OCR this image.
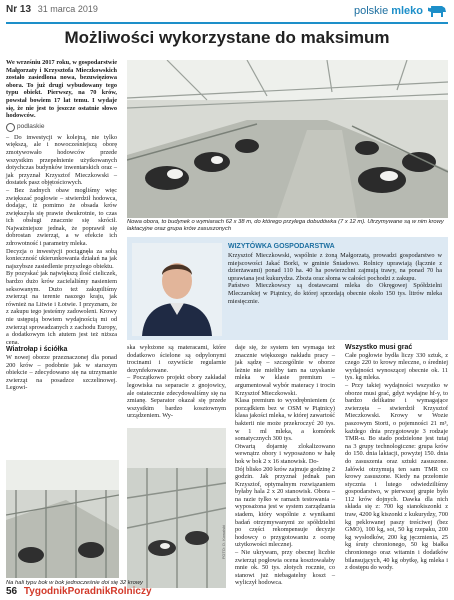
Nr 13 31 marca 2019	polskie mleko
Możliwości wykorzystane do maksimum

We wrześniu 2017 roku, w gospodarstwie Małgorzaty i Krzysztofa Mieczkowskich zostało zasiedlona nowa, bezuwięziowa obora. To już drugi wybudowany tego typu obiekt. Pierwszy, na 70 krów, powstał bowiem 17 lat temu. I wydaje się, że nie jest to jeszcze ostatnie słowo hodowców.

podlaskie

– Do inwestycji w kolejną, nie tylko większą, ale i nowocześniejszą oborę zmotywowało hodowców przede wszystkim przepełnienie użytkowanych dotychczas budynków inwentarskich oraz – jak przyznał Krzysztof Mieczkowski – dostatek pasz objętościowych.

– Bez żadnych obaw mogliśmy więc zwiększać pogłowie – stwierdził hodowca, dodając, iż pomimo że obsada krów zwiększyła się prawie dwukrotnie, to czas ich obsługi znacznie się skrócił. Najważniejsze jednak, że poprawił się dobrostan zwierząt, a w efekcie ich zdrowotność i parametry mleka.

Decyzja o inwestycji pociągnęła za sobą konieczność ukierunkowania działań na jak najszybsze zasiedlenie przyszłego obiektu.

By pozyskać jak największą ilość cieliczek, bardzo dużo krów zacielaliśmy nasieniem seksowanym. Dużo też zakupiliśmy zwierząt na terenie naszego kraju, jak również na Litwie i Łotwie. I przyznam, że z zakupu tego jesteśmy zadowoleni. Krowy nie ustępują bowiem wydajnością mi od zwierząt sprowadzanych z zachodu Europy, a dodatkowym ich atutem jest też niższa cena.

Wiatrołap i ściółka

W nowej oborze przeznaczonej dla ponad 200 krów – podobnie jak w starszym obiekcie – zdecydowano się na utrzymanie zwierząt na posadzce szczelinowej. Legowi-

Nowa obora, to budynek o wymiarach 62 x 38 m, do którego przylega dobudówka (7 x 12 m). Utrzymywane są w nim krowy laktacyjne oraz grupa krów zasuszonych
WIZYTÓWKA GOSPODARSTWA

Krzysztof Mieczkowski, wspólnie z żoną Małgorzatą, prowadzi gospodarstwo w miejscowości Jakać Borki, w gminie Śniadowo. Rolnicy uprawiają (łącznie z dzierżawami) ponad 110 ha. 40 ha powierzchni zajmują trawy, na ponad 70 ha uprawiana jest kukurydza. Zboża oraz słoma w całości pochodzi z zakupu.

Państwo Mieczkowscy są dostawcami mleka do Okręgowej Spółdzielni Mleczarskiej w Piątnicy, do której sprzedają obecnie około 150 tys. litrów mleka miesięcznie.

FOTO: D. Kowalski

ska wyłożone są materacami, które dodatkowo ścielone są odpylonymi trocinami i ozywiście regularnie dezynfekowane.

– Początkowo projekt obory zakładał legowiska na separacie z gnojowicy, ale ostatecznie zdecydowaliśmy się na zmianę. Separator okazał się przede wszystkim bardzo kosztownym urządzeniem. Wy-

daje się, że system ten wymaga też znacznie większego nakładu pracy – jak sądzę – szczególnie w oborze leżnie nie mieliby tam na uzyskanie mleka w klasie premium – argumentował wybór materacy i trocin Krzysztof Mieczkowski.

Klasa premium to wyodrębnieniem (z porządkiem bez w OSM w Piątnicy) klasa jakości mleka, w której zawartość bakterii nie może przekroczyć 20 tys. w 1 ml mleka, a komórek somatycznych 300 tys.

Otwartą dojarnię zlokalizowano wewnątrz obory i wyposażono w hałę hok w bok 2 x 16 stanowisk. Do-

Dój blisko 200 krów zajmuje godzinę 2 godzin. Jak przyznał jednak pan Krzysztof, optymalnym rozwiązaniem byłaby hala 2 x 20 stanowisk. Obora – na razie tylko w ramach testowania – wyposażona jest w system zarządzania stadem, który wspólnie z wynikami badań otrzymywanymi ze spółdzielni po części rekompensuje decyzje hodowcy o przygotowaniu z ocenę użytkowości mlecznej.

– Nie ukrywam, przy obecnej liczbie zwierząt pogłowia ocena kosztowałaby mnie ok. 50 tys. złotych rocznie, co stanowi już niebagatelny koszt – wyliczył hodowca.

Wszystko musi grać

Całe pogłowie bydła liczy 330 sztuk, z czego 220 to krowy mleczne, o średniej wydajności wynoszącej obecnie ok. 11 tys. kg mleka.

– Przy takiej wydajności wszystko w oborze musi grać, gdyż wydajne hf-y, to bardzo delikatne i wymagające zwierzęta – stwierdził Krzysztof Mieczkowski. Krowy w Wozie paszowym Storti, o pojemności 21 m³, każdego dnia przygotowuje 3 rodzaje TMR-u. Bo stado podzielone jest tutaj na 3 grupy technologiczne: grupa krów do 150. dnia laktacji, powyżej 150. dnia do zasuszenia oraz sztuki zasuszone. Jałówki otrzymują ten sam TMR co krowy zasuszone. Kiedy na przełomie stycznia i lutego odwiedziliśmy gospodarstwo, w pierwszej grupie było 112 krów dojnych. Dawka dla nich składa się z: 700 kg sianokiszonki z traw, 4200 kg kiszonki z kukurydzy, 700 kg peklowanej paszy treściwej (bez GMO), 100 kg, soi, 50 kg rzepaku, 200 kg wysłodków, 200 kg jęczmienia, 25 kg śruty chronionego, 50 kg białka chronionego oraz witamin i dodatków bilansujących, 40 kg obytkę, kg mleka i z dostępu do wody.

Na hali typu bok w bok jednocześnie doi się 32 krowy
56 TygodnikPoradnikRolniczy
